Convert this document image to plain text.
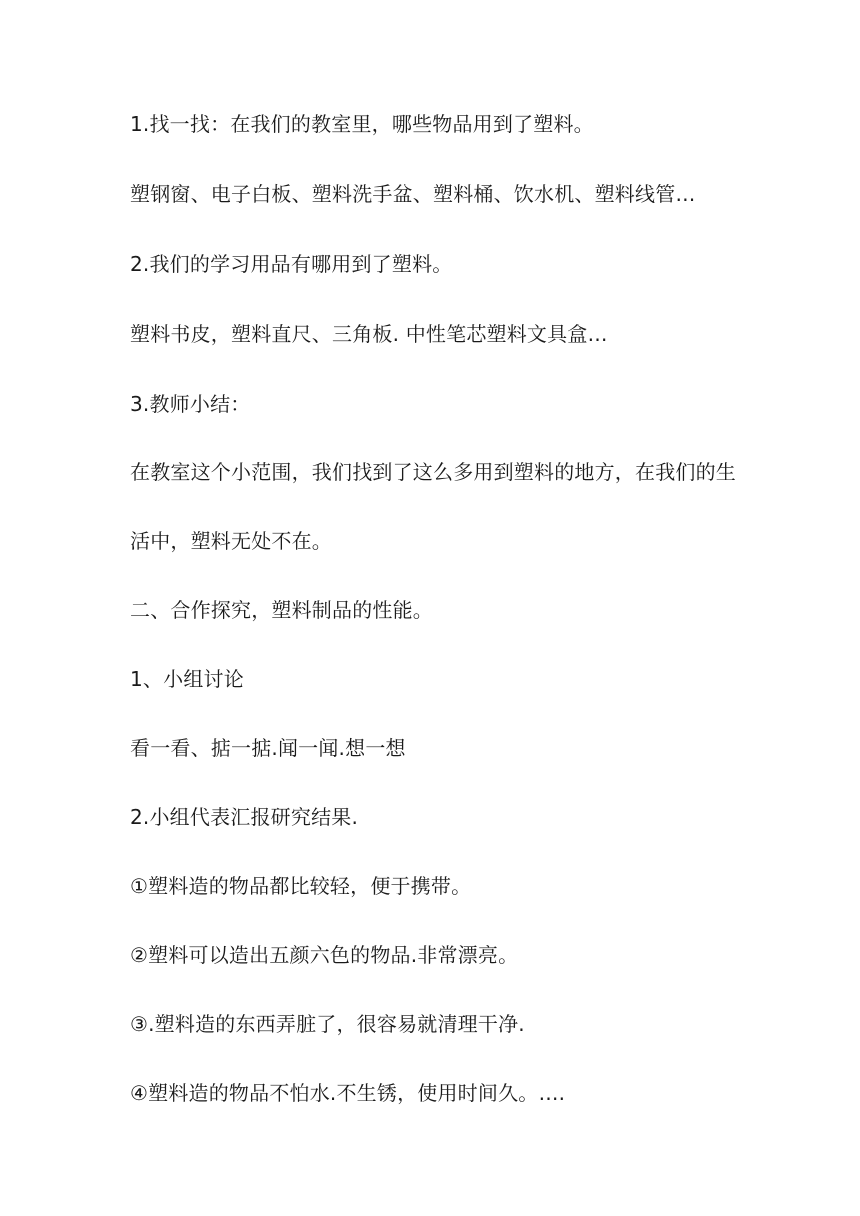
1.找一找：在我们的教室里，哪些物品用到了塑料。
塑钢窗、电子白板、塑料洗手盆、塑料桶、饮水机、塑料线管…
2.我们的学习用品有哪用到了塑料。
塑料书皮，塑料直尺、三角板. 中性笔芯塑料文具盒…
3.教师小结：
在教室这个小范围，我们找到了这么多用到塑料的地方，在我们的生
活中，塑料无处不在。
二、合作探究，塑料制品的性能。
1、小组讨论
看一看、掂一掂.闻一闻.想一想
2.小组代表汇报研究结果.
①塑料造的物品都比较轻，便于携带。
②塑料可以造出五颜六色的物品.非常漂亮。
③.塑料造的东西弄脏了，很容易就清理干净.
④塑料造的物品不怕水.不生锈，使用时间久。….
